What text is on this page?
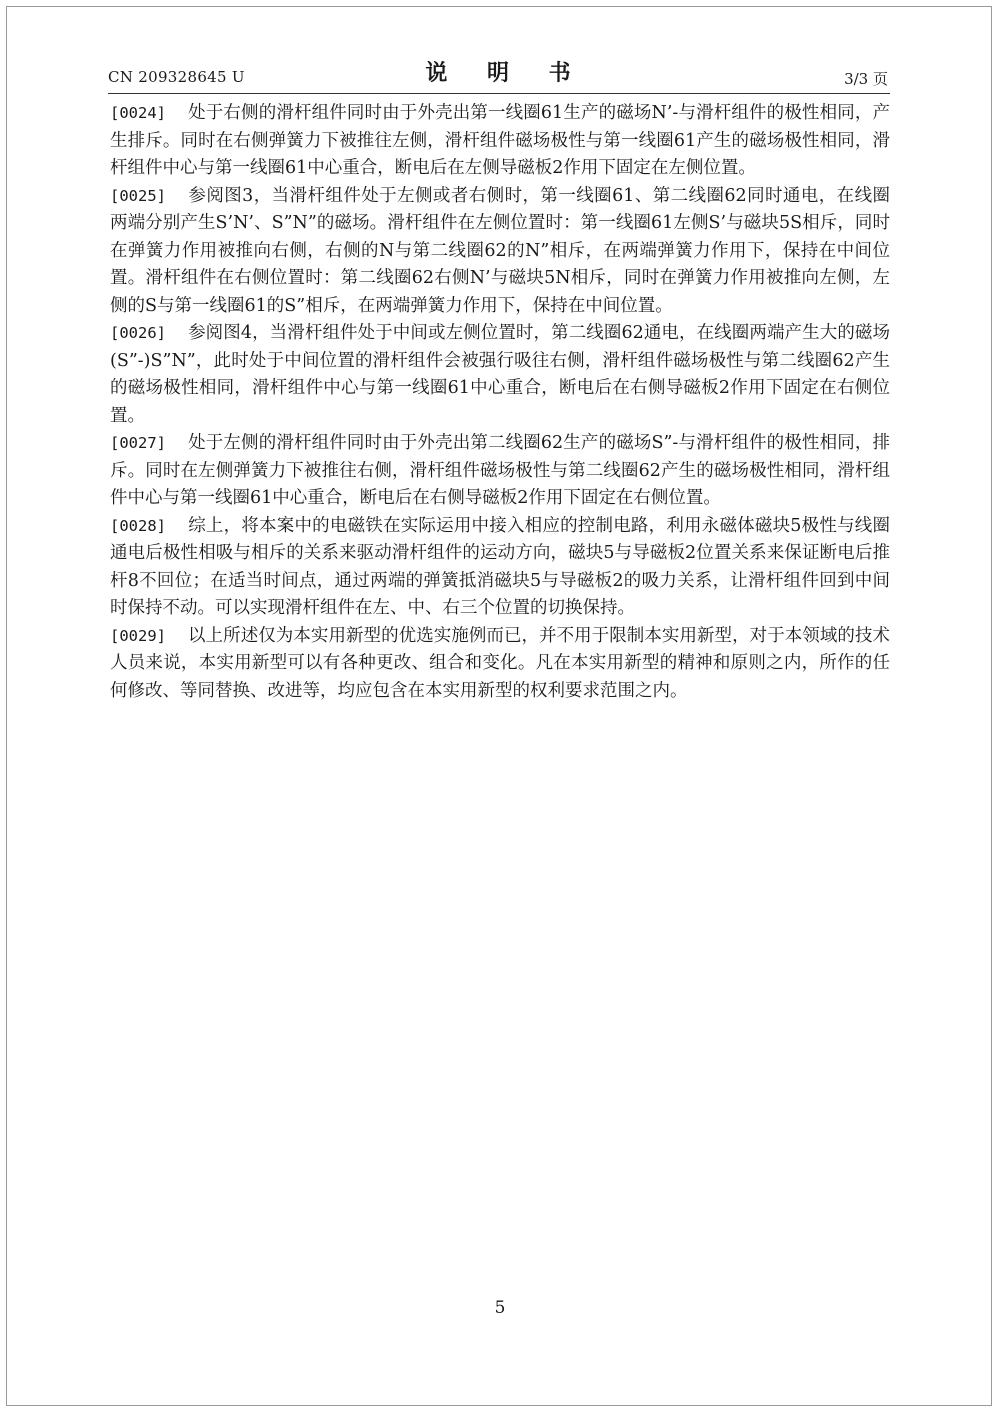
CN 209328645 U	说 明 书	3/3 页

[0024] 处于右侧的滑杆组件同时由于外壳出第一线圈61生产的磁场N’-与滑杆组件的极性相同，产生排斥。同时在右侧弹簧力下被推往左侧，滑杆组件磁场极性与第一线圈61产生的磁场极性相同，滑杆组件中心与第一线圈61中心重合，断电后在左侧导磁板2作用下固定在左侧位置。

[0025] 参阅图3，当滑杆组件处于左侧或者右侧时，第一线圈61、第二线圈62同时通电，在线圈两端分别产生S’N’、S”N”的磁场。滑杆组件在左侧位置时：第一线圈61左侧S’与磁块5S相斥，同时在弹簧力作用被推向右侧，右侧的N与第二线圈62的N”相斥，在两端弹簧力作用下，保持在中间位置。滑杆组件在右侧位置时：第二线圈62右侧N’与磁块5N相斥，同时在弹簧力作用被推向左侧，左侧的S与第一线圈61的S”相斥，在两端弹簧力作用下，保持在中间位置。

[0026] 参阅图4，当滑杆组件处于中间或左侧位置时，第二线圈62通电，在线圈两端产生大的磁场(S”-)S”N”，此时处于中间位置的滑杆组件会被强行吸往右侧，滑杆组件磁场极性与第二线圈62产生的磁场极性相同，滑杆组件中心与第一线圈61中心重合，断电后在右侧导磁板2作用下固定在右侧位置。

[0027] 处于左侧的滑杆组件同时由于外壳出第二线圈62生产的磁场S”-与滑杆组件的极性相同，排斥。同时在左侧弹簧力下被推往右侧，滑杆组件磁场极性与第二线圈62产生的磁场极性相同，滑杆组件中心与第一线圈61中心重合，断电后在右侧导磁板2作用下固定在右侧位置。

[0028] 综上，将本案中的电磁铁在实际运用中接入相应的控制电路，利用永磁体磁块5极性与线圈通电后极性相吸与相斥的关系来驱动滑杆组件的运动方向，磁块5与导磁板2位置关系来保证断电后推杆8不回位；在适当时间点，通过两端的弹簧抵消磁块5与导磁板2的吸力关系，让滑杆组件回到中间时保持不动。可以实现滑杆组件在左、中、右三个位置的切换保持。

[0029] 以上所述仅为本实用新型的优选实施例而已，并不用于限制本实用新型，对于本领域的技术人员来说，本实用新型可以有各种更改、组合和变化。凡在本实用新型的精神和原则之内，所作的任何修改、等同替换、改进等，均应包含在本实用新型的权利要求范围之内。

5
